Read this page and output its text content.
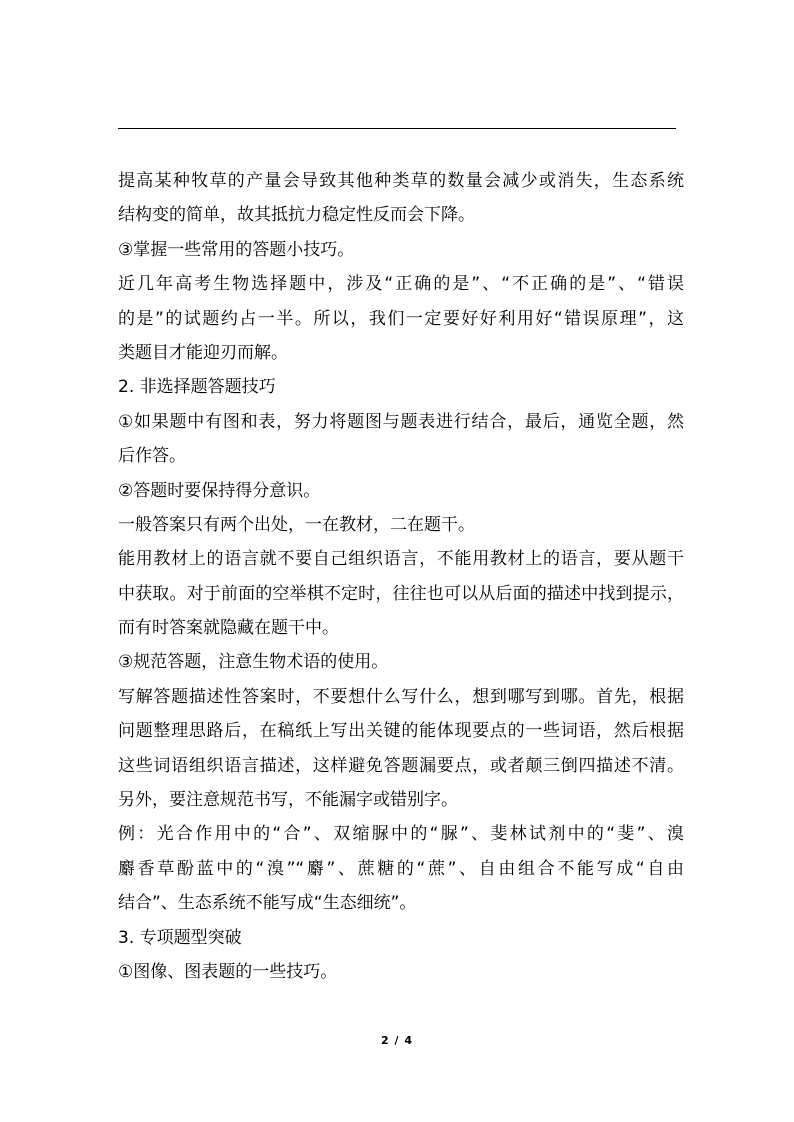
提高某种牧草的产量会导致其他种类草的数量会减少或消失，生态系统
结构变的简单，故其抵抗力稳定性反而会下降。
③掌握一些常用的答题小技巧。
近几年高考生物选择题中，涉及“正确的是”、“不正确的是”、“错误
的是”的试题约占一半。所以，我们一定要好好利用好“错误原理”，这
类题目才能迎刃而解。
2. 非选择题答题技巧
①如果题中有图和表，努力将题图与题表进行结合，最后，通览全题，然
后作答。
②答题时要保持得分意识。
一般答案只有两个出处，一在教材，二在题干。
能用教材上的语言就不要自己组织语言，不能用教材上的语言，要从题干
中获取。对于前面的空举棋不定时，往往也可以从后面的描述中找到提示，
而有时答案就隐藏在题干中。
③规范答题，注意生物术语的使用。
写解答题描述性答案时，不要想什么写什么，想到哪写到哪。首先，根据
问题整理思路后，在稿纸上写出关键的能体现要点的一些词语，然后根据
这些词语组织语言描述，这样避免答题漏要点，或者颠三倒四描述不清。
另外，要注意规范书写，不能漏字或错别字。
例：光合作用中的“合”、双缩脲中的“脲”、斐林试剂中的“斐”、溴
麝香草酚蓝中的“溴”“麝”、蔗糖的“蔗”、自由组合不能写成“自由
结合”、生态系统不能写成“生态细统”。
3. 专项题型突破
①图像、图表题的一些技巧。
2 / 4
